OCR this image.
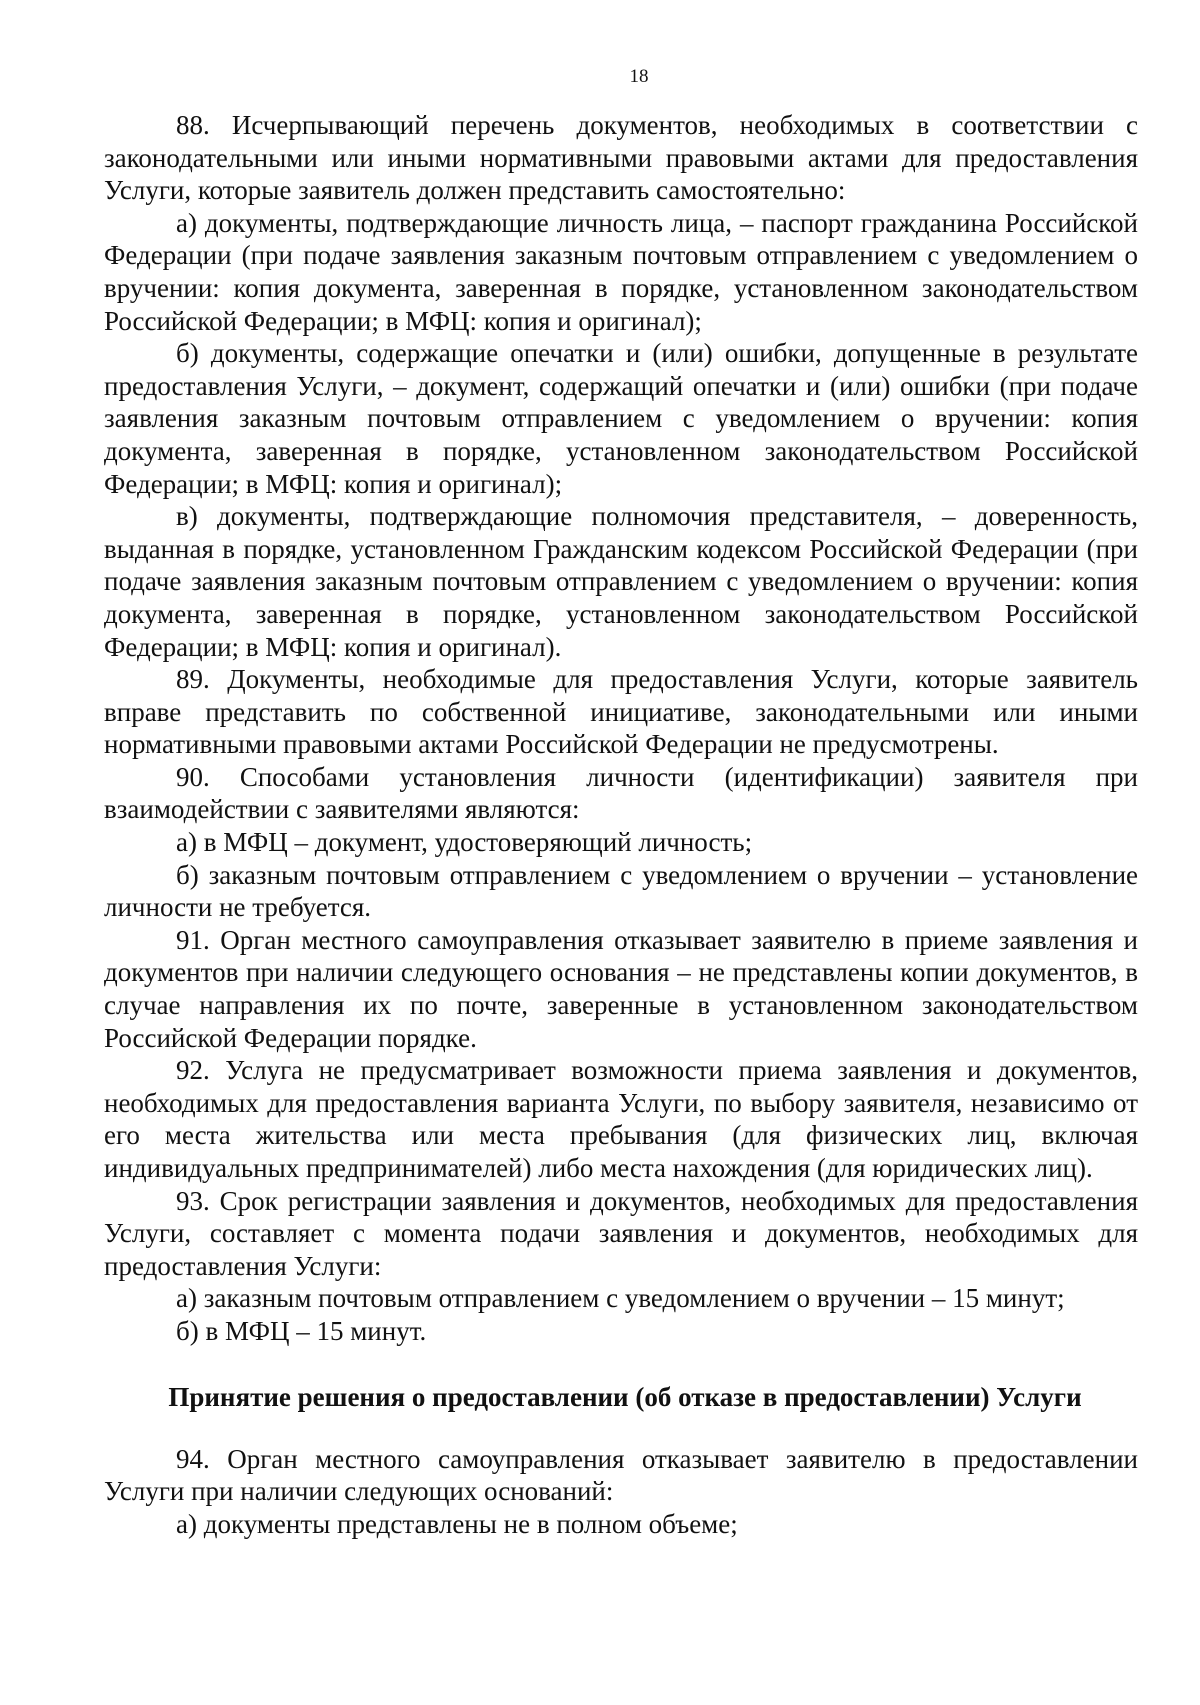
18

88. Исчерпывающий перечень документов, необходимых в соответствии с законодательными или иными нормативными правовыми актами для предоставления Услуги, которые заявитель должен представить самостоятельно:

а) документы, подтверждающие личность лица, – паспорт гражданина Российской Федерации (при подаче заявления заказным почтовым отправлением с уведомлением о вручении: копия документа, заверенная в порядке, установленном законодательством Российской Федерации; в МФЦ: копия и оригинал);

б) документы, содержащие опечатки и (или) ошибки, допущенные в результате предоставления Услуги, – документ, содержащий опечатки и (или) ошибки (при подаче заявления заказным почтовым отправлением с уведомлением о вручении: копия документа, заверенная в порядке, установленном законодательством Российской Федерации; в МФЦ: копия и оригинал);

в) документы, подтверждающие полномочия представителя, – доверенность, выданная в порядке, установленном Гражданским кодексом Российской Федерации (при подаче заявления заказным почтовым отправлением с уведомлением о вручении: копия документа, заверенная в порядке, установленном законодательством Российской Федерации; в МФЦ: копия и оригинал).

89. Документы, необходимые для предоставления Услуги, которые заявитель вправе представить по собственной инициативе, законодательными или иными нормативными правовыми актами Российской Федерации не предусмотрены.

90. Способами установления личности (идентификации) заявителя при взаимодействии с заявителями являются:

а) в МФЦ – документ, удостоверяющий личность;

б) заказным почтовым отправлением с уведомлением о вручении – установление личности не требуется.

91. Орган местного самоуправления отказывает заявителю в приеме заявления и документов при наличии следующего основания – не представлены копии документов, в случае направления их по почте, заверенные в установленном законодательством Российской Федерации порядке.

92. Услуга не предусматривает возможности приема заявления и документов, необходимых для предоставления варианта Услуги, по выбору заявителя, независимо от его места жительства или места пребывания (для физических лиц, включая индивидуальных предпринимателей) либо места нахождения (для юридических лиц).

93. Срок регистрации заявления и документов, необходимых для предоставления Услуги, составляет с момента подачи заявления и документов, необходимых для предоставления Услуги:

а) заказным почтовым отправлением с уведомлением о вручении – 15 минут;

б) в МФЦ – 15 минут.

Принятие решения о предоставлении (об отказе в предоставлении) Услуги

94. Орган местного самоуправления отказывает заявителю в предоставлении Услуги при наличии следующих оснований:

а) документы представлены не в полном объеме;
